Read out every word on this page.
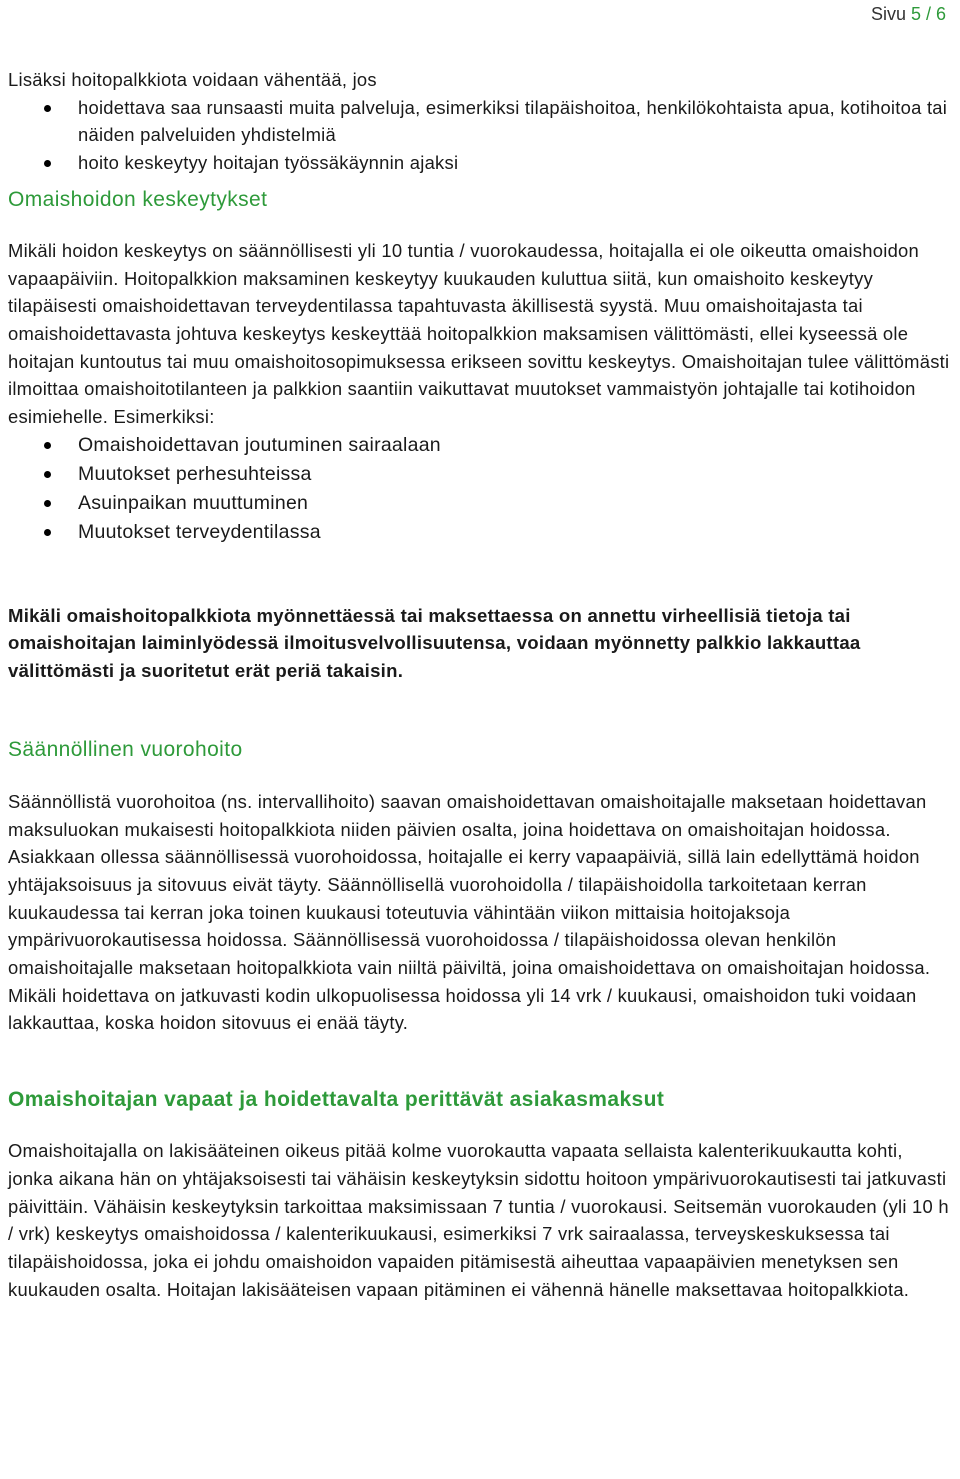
Sivu 5 / 6

Lisäksi hoitopalkkiota voidaan vähentää, jos

hoidettava saa runsaasti muita palveluja, esimerkiksi tilapäishoitoa, henkilökohtaista apua, kotihoitoa tai näiden palveluiden yhdistelmiä
hoito keskeytyy hoitajan työssäkäynnin ajaksi
Omaishoidon keskeytykset

Mikäli hoidon keskeytys on säännöllisesti yli 10 tuntia / vuorokaudessa, hoitajalla ei ole oikeutta omaishoidon vapaapäiviin. Hoitopalkkion maksaminen keskeytyy kuukauden kuluttua siitä, kun omaishoito keskeytyy tilapäisesti omaishoidettavan terveydentilassa tapahtuvasta äkillisestä syystä. Muu omaishoitajasta tai omaishoidettavasta johtuva keskeytys keskeyttää hoitopalkkion maksamisen välittömästi, ellei kyseessä ole hoitajan kuntoutus tai muu omaishoitosopimuksessa erikseen sovittu keskeytys. Omaishoitajan tulee välittömästi ilmoittaa omaishoitotilanteen ja palkkion saantiin vaikuttavat muutokset vammaistyön johtajalle tai kotihoidon esimiehelle. Esimerkiksi:

Omaishoidettavan joutuminen sairaalaan
Muutokset perhesuhteissa
Asuinpaikan muuttuminen
Muutokset terveydentilassa

Mikäli omaishoitopalkkiota myönnettäessä tai maksettaessa on annettu virheellisiä tietoja tai omaishoitajan laiminlyödessä ilmoitusvelvollisuutensa, voidaan myönnetty palkkio lakkauttaa välittömästi ja suoritetut erät periä takaisin.

Säännöllinen vuorohoito

Säännöllistä vuorohoitoa (ns. intervallihoito) saavan omaishoidettavan omaishoitajalle maksetaan hoidettavan maksuluokan mukaisesti hoitopalkkiota niiden päivien osalta, joina hoidettava on omaishoitajan hoidossa. Asiakkaan ollessa säännöllisessä vuorohoidossa, hoitajalle ei kerry vapaapäiviä, sillä lain edellyttämä hoidon yhtäjaksoisuus ja sitovuus eivät täyty. Säännöllisellä vuorohoidolla / tilapäishoidolla tarkoitetaan kerran kuukaudessa tai kerran joka toinen kuukausi toteutuvia vähintään viikon mittaisia hoitojaksoja ympärivuorokautisessa hoidossa. Säännöllisessä vuorohoidossa / tilapäishoidossa olevan henkilön omaishoitajalle maksetaan hoitopalkkiota vain niiltä päiviltä, joina omaishoidettava on omaishoitajan hoidossa. Mikäli hoidettava on jatkuvasti kodin ulkopuolisessa hoidossa yli 14 vrk / kuukausi, omaishoidon tuki voidaan lakkauttaa, koska hoidon sitovuus ei enää täyty.

Omaishoitajan vapaat ja hoidettavalta perittävät asiakasmaksut

Omaishoitajalla on lakisääteinen oikeus pitää kolme vuorokautta vapaata sellaista kalenterikuukautta kohti, jonka aikana hän on yhtäjaksoisesti tai vähäisin keskeytyksin sidottu hoitoon ympärivuorokautisesti tai jatkuvasti päivittäin. Vähäisin keskeytyksin tarkoittaa maksimissaan 7 tuntia / vuorokausi. Seitsemän vuorokauden (yli 10 h / vrk) keskeytys omaishoidossa / kalenterikuukausi, esimerkiksi 7 vrk sairaalassa, terveyskeskuksessa tai tilapäishoidossa, joka ei johdu omaishoidon vapaiden pitämisestä aiheuttaa vapaapäivien menetyksen sen kuukauden osalta. Hoitajan lakisääteisen vapaan pitäminen ei vähennä hänelle maksettavaa hoitopalkkiota.
